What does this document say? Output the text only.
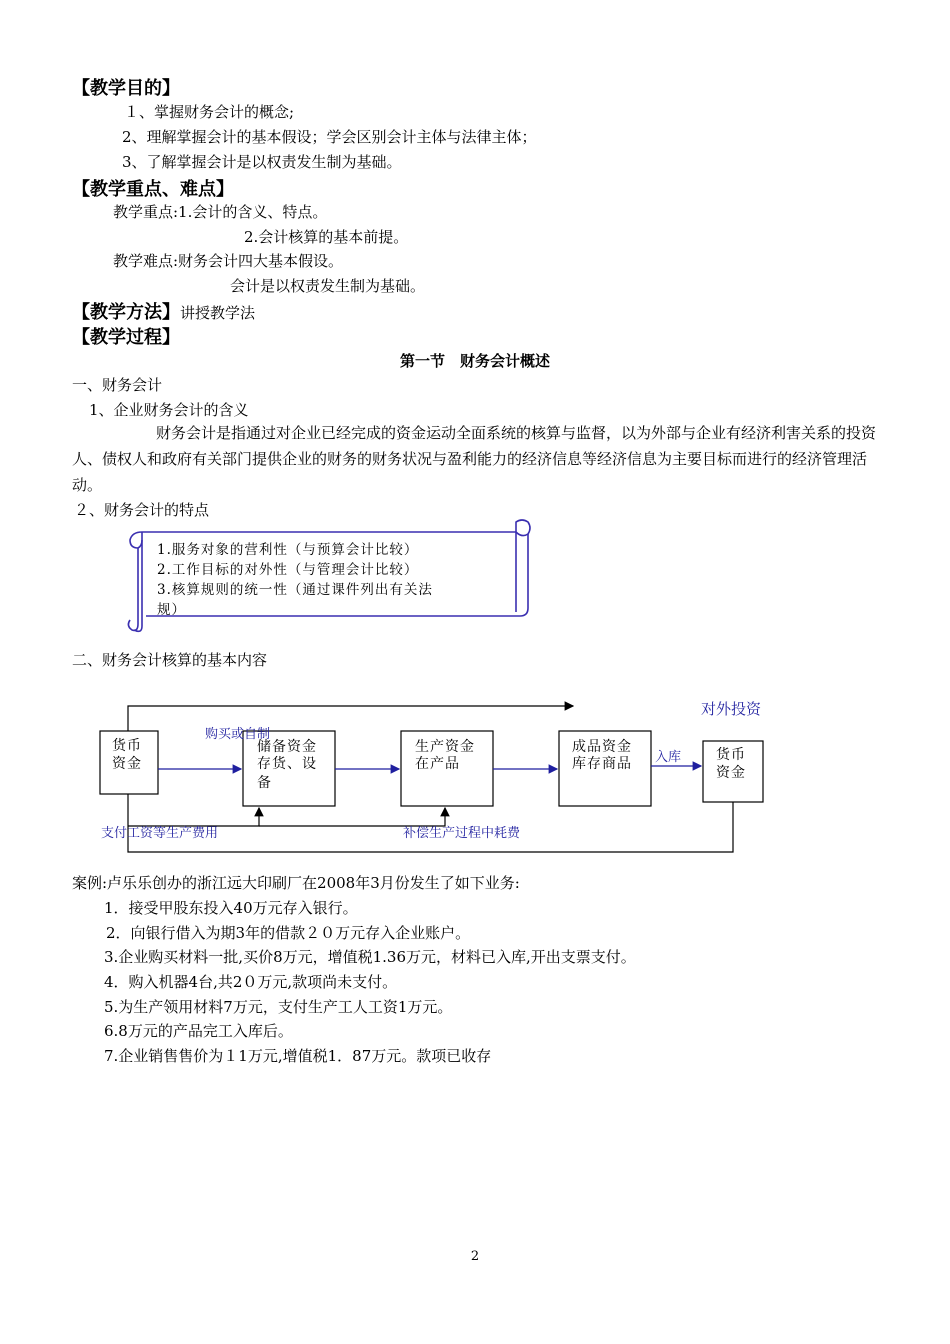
【教学目的】
１、掌握财务会计的概念;
2、理解掌握会计的基本假设；学会区别会计主体与法律主体；
3、了解掌握会计是以权责发生制为基础。
【教学重点、难点】
教学重点:1.会计的含义、特点。
2.会计核算的基本前提。
教学难点:财务会计四大基本假设。
会计是以权责发生制为基础。
【教学方法】讲授教学法
【教学过程】
第一节　财务会计概述
一、财务会计
1、企业财务会计的含义
财务会计是指通过对企业已经完成的资金运动全面系统的核算与监督，以为外部与企业有经济利害关系的投资人、债权人和政府有关部门提供企业的财务的财务状况与盈利能力的经济信息等经济信息为主要目标而进行的经济管理活动。
２、财务会计的特点
1.服务对象的营利性（与预算会计比较）
2.工作目标的对外性（与管理会计比较）
3.核算规则的统一性（通过课件列出有关法
规）
二、财务会计核算的基本内容
对外投资
购买或自制
入库
支付工资等生产费用	补偿生产过程中耗费
货币
资金
储备资金
存货、设
备
生产资金
在产品
成品资金
库存商品
货币
资金
案例:卢乐乐创办的浙江远大印刷厂在2008年3月份发生了如下业务:
1．接受甲股东投入40万元存入银行。
2．向银行借入为期3年的借款２０万元存入企业账户。
3.企业购买材料一批,买价8万元，增值税1.36万元，材料已入库,开出支票支付。
4．购入机器4台,共2０万元,款项尚未支付。
5.为生产领用材料7万元，支付生产工人工资1万元。
6.8万元的产品完工入库后。
7.企业销售售价为１1万元,增值税1．87万元。款项已收存
2
